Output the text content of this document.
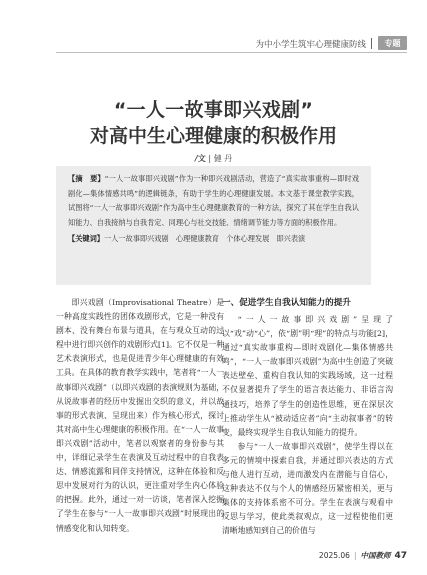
为中小学生筑牢心理健康防线	专题
“一人一故事即兴戏剧”
对高中生心理健康的积极作用
/文 | 僆 丹

【摘　要】“一人一故事即兴戏剧”作为一种即兴戏剧活动，营造了“真实故事重构—即时戏剧化—集体情感共鸣”的逻辑链条，有助于学生的心理健康发展。本文基于课堂教学实践，试图将“一人一故事即兴戏剧”作为高中生心理健康教育的一种方法，探究了其在学生自我认知能力、自我接纳与自我肯定、同理心与社交技能、情绪调节能力等方面的积极作用。

【关键词】一人一故事即兴戏剧　心理健康教育　个体心理发展　即兴表演

即兴戏剧（Improvisational Theatre）是一种高度实践性的团体戏剧形式，它是一种没有剧本、没有舞台布景与道具，在与观众互动的过程中进行即兴创作的戏剧形式[1]。它不仅是一种艺术表演形式，也是促进青少年心理健康的有效工具。在具体的教育教学实践中，笔者将“一人一故事即兴戏剧”（以即兴戏剧的表演规则为基础，从说故事者的经历中发掘出交织的意义，并以故事的形式表演、呈现出来）作为核心形式，探讨其对高中生心理健康的积极作用。在“一人一故事即兴戏剧”活动中，笔者以观察者的身份参与其中，详细记录学生在表演及互动过程中的自我表达、情感流露和同伴支持情况，这种在体验和反思中发展对行为的认识，更注重对学生内心体验的把握。此外，通过一对一访谈，笔者深入挖掘了学生在参与“一人一故事即兴戏剧”时展现出的情感变化和认知转变。

一、促进学生自我认知能力的提升

“一人一故事即兴戏剧”呈现了以“戏”动“心”，依“剧”明“理”的特点与功能[2]，通过“真实故事重构—即时戏剧化—集体情感共鸣”，“一人一故事即兴戏剧”为高中生创造了突破表达壁垒、重构自我认知的实践场域，这一过程不仅显著提升了学生的语言表达能力、非语言沟通技巧，培养了学生的创造性思维，更在深层次上推动学生从“被动适应者”向“主动叙事者”的转变，最终实现学生自我认知能力的提升。

参与“一人一故事即兴戏剧”，使学生得以在多元的情境中探索自我，并通过即兴表达的方式与他人进行互动，进而激发内在潜能与自信心，这种表达不仅与个人的情感经历紧密相关，更与集体的支持体系密不可分。学生在表演与观看中反思与学习，使此类叙观点，这一过程使他们更清晰地感知到自己的价值与

2025.06 | 中国教师 47
